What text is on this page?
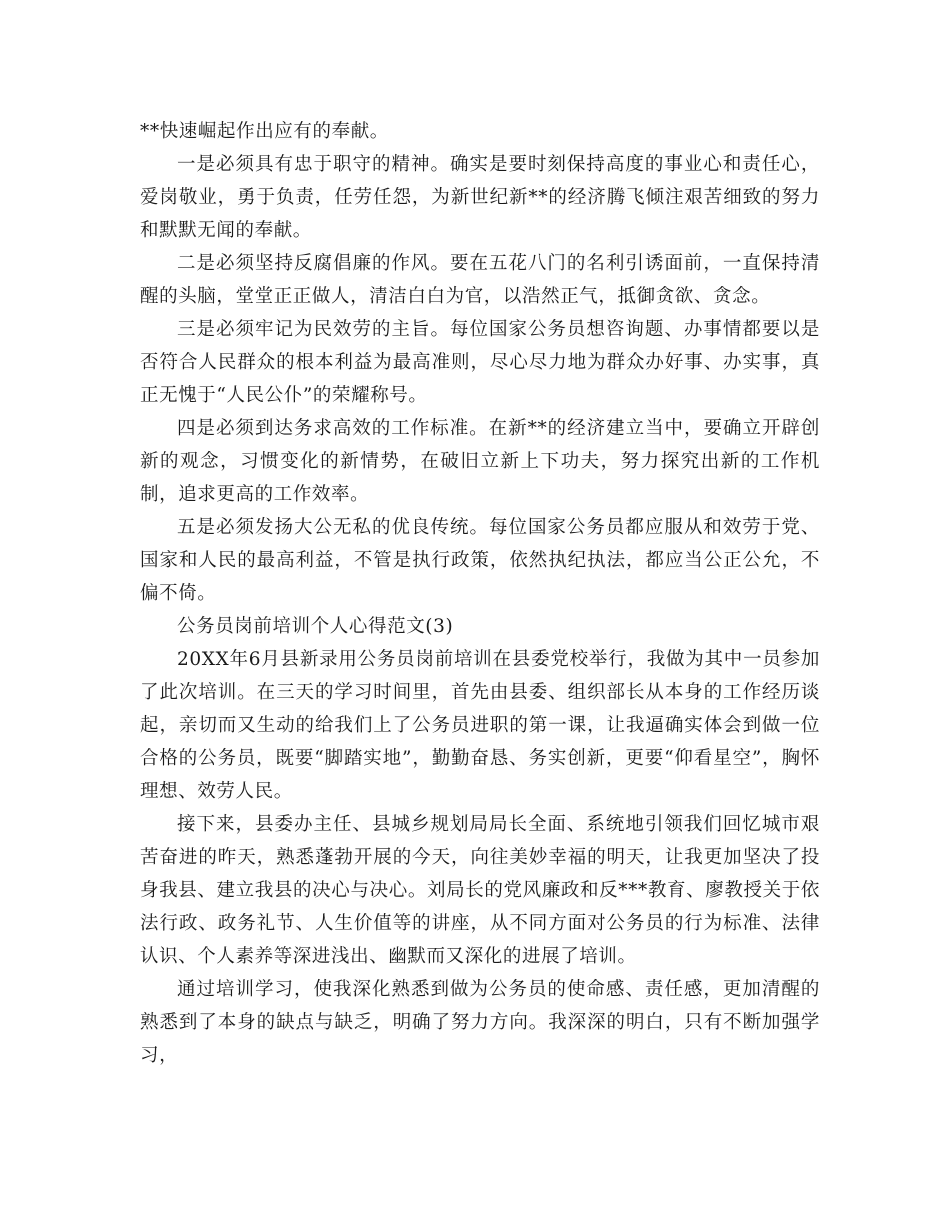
**快速崛起作出应有的奉献。

一是必须具有忠于职守的精神。确实是要时刻保持高度的事业心和责任心，爱岗敬业，勇于负责，任劳任怨，为新世纪新**的经济腾飞倾注艰苦细致的努力和默默无闻的奉献。

二是必须坚持反腐倡廉的作风。要在五花八门的名利引诱面前，一直保持清醒的头脑，堂堂正正做人，清洁白白为官，以浩然正气，抵御贪欲、贪念。

三是必须牢记为民效劳的主旨。每位国家公务员想咨询题、办事情都要以是否符合人民群众的根本利益为最高准则，尽心尽力地为群众办好事、办实事，真正无愧于“人民公仆”的荣耀称号。

四是必须到达务求高效的工作标准。在新**的经济建立当中，要确立开辟创新的观念，习惯变化的新情势，在破旧立新上下功夫，努力探究出新的工作机制，追求更高的工作效率。

五是必须发扬大公无私的优良传统。每位国家公务员都应服从和效劳于党、国家和人民的最高利益，不管是执行政策，依然执纪执法，都应当公正公允，不偏不倚。

公务员岗前培训个人心得范文(3)

20XX年6月县新录用公务员岗前培训在县委党校举行，我做为其中一员参加了此次培训。在三天的学习时间里，首先由县委、组织部长从本身的工作经历谈起，亲切而又生动的给我们上了公务员进职的第一课，让我逼确实体会到做一位合格的公务员，既要“脚踏实地”，勤勤奋恳、务实创新，更要“仰看星空”，胸怀理想、效劳人民。

接下来，县委办主任、县城乡规划局局长全面、系统地引领我们回忆城市艰苦奋进的昨天，熟悉蓬勃开展的今天，向往美妙幸福的明天，让我更加坚决了投身我县、建立我县的决心与决心。刘局长的党风廉政和反***教育、廖教授关于依法行政、政务礼节、人生价值等的讲座，从不同方面对公务员的行为标准、法律认识、个人素养等深进浅出、幽默而又深化的进展了培训。

通过培训学习，使我深化熟悉到做为公务员的使命感、责任感，更加清醒的熟悉到了本身的缺点与缺乏，明确了努力方向。我深深的明白，只有不断加强学习，
